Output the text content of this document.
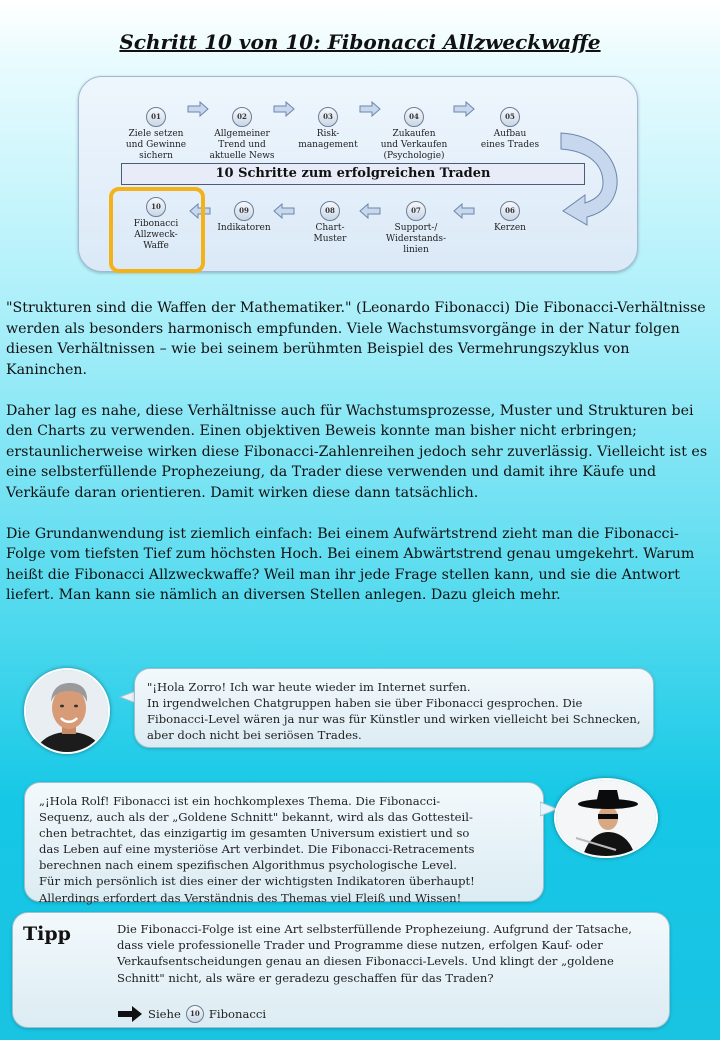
Schritt 10 von 10: Fibonacci Allzweckwaffe
01
Ziele setzen
und Gewinne
sichern
02
Allgemeiner
Trend und
aktuelle News
03
Risk-
management
04
Zukaufen
und Verkaufen
(Psychologie)
05
Aufbau
eines Trades
10 Schritte zum erfolgreichen Traden
06
Kerzen
07
Support-/
Widerstands-
linien
08
Chart-
Muster
09
Indikatoren
10
Fibonacci
Allzweck-
Waffe

"Strukturen sind die Waffen der Mathematiker." (Leonardo Fibonacci) Die Fibonacci-Verhältnisse werden als besonders harmonisch empfunden. Viele Wachstumsvorgänge in der Natur folgen diesen Verhältnissen – wie bei seinem berühmten Beispiel des Vermehrungszyklus von Kaninchen.

Daher lag es nahe, diese Verhältnisse auch für Wachstumsprozesse, Muster und Strukturen bei den Charts zu verwenden. Einen objektiven Beweis konnte man bisher nicht erbringen; erstaunlicherweise wirken diese Fibonacci-Zahlenreihen jedoch sehr zuverlässig. Vielleicht ist es eine selbsterfüllende Prophezeiung, da Trader diese verwenden und damit ihre Käufe und Verkäufe daran orientieren. Damit wirken diese dann tatsächlich.

Die Grundanwendung ist ziemlich einfach: Bei einem Aufwärtstrend zieht man die Fibonacci-Folge vom tiefsten Tief zum höchsten Hoch. Bei einem Abwärtstrend genau umgekehrt. Warum heißt die Fibonacci Allzweckwaffe? Weil man ihr jede Frage stellen kann, und sie die Antwort liefert. Man kann sie nämlich an diversen Stellen anlegen. Dazu gleich mehr.

"¡Hola Zorro! Ich war heute wieder im Internet surfen.
In irgendwelchen Chatgruppen haben sie über Fibonacci gesprochen. Die Fibonacci-Level wären ja nur was für Künstler und wirken vielleicht bei Schnecken, aber doch nicht bei seriösen Trades.
„¡Hola Rolf! Fibonacci ist ein hochkomplexes Thema. Die Fibonacci-
Sequenz, auch als der „Goldene Schnitt" bekannt, wird als das Gottesteil-
chen betrachtet, das einzigartig im gesamten Universum existiert und so
das Leben auf eine mysteriöse Art verbindet. Die Fibonacci-Retracements
berechnen nach einem spezifischen Algorithmus psychologische Level.
Für mich persönlich ist dies einer der wichtigsten Indikatoren überhaupt!
Allerdings erfordert das Verständnis des Themas viel Fleiß und Wissen!
Tipp	Die Fibonacci-Folge ist eine Art selbsterfüllende Prophezeiung. Aufgrund der Tatsache, dass viele professionelle Trader und Programme diese nutzen, erfolgen Kauf- oder Verkaufsentscheidungen genau an diesen Fibonacci-Levels. Und klingt der „goldene Schnitt" nicht, als wäre er geradezu geschaffen für das Traden?
Siehe	10 Fibonacci
